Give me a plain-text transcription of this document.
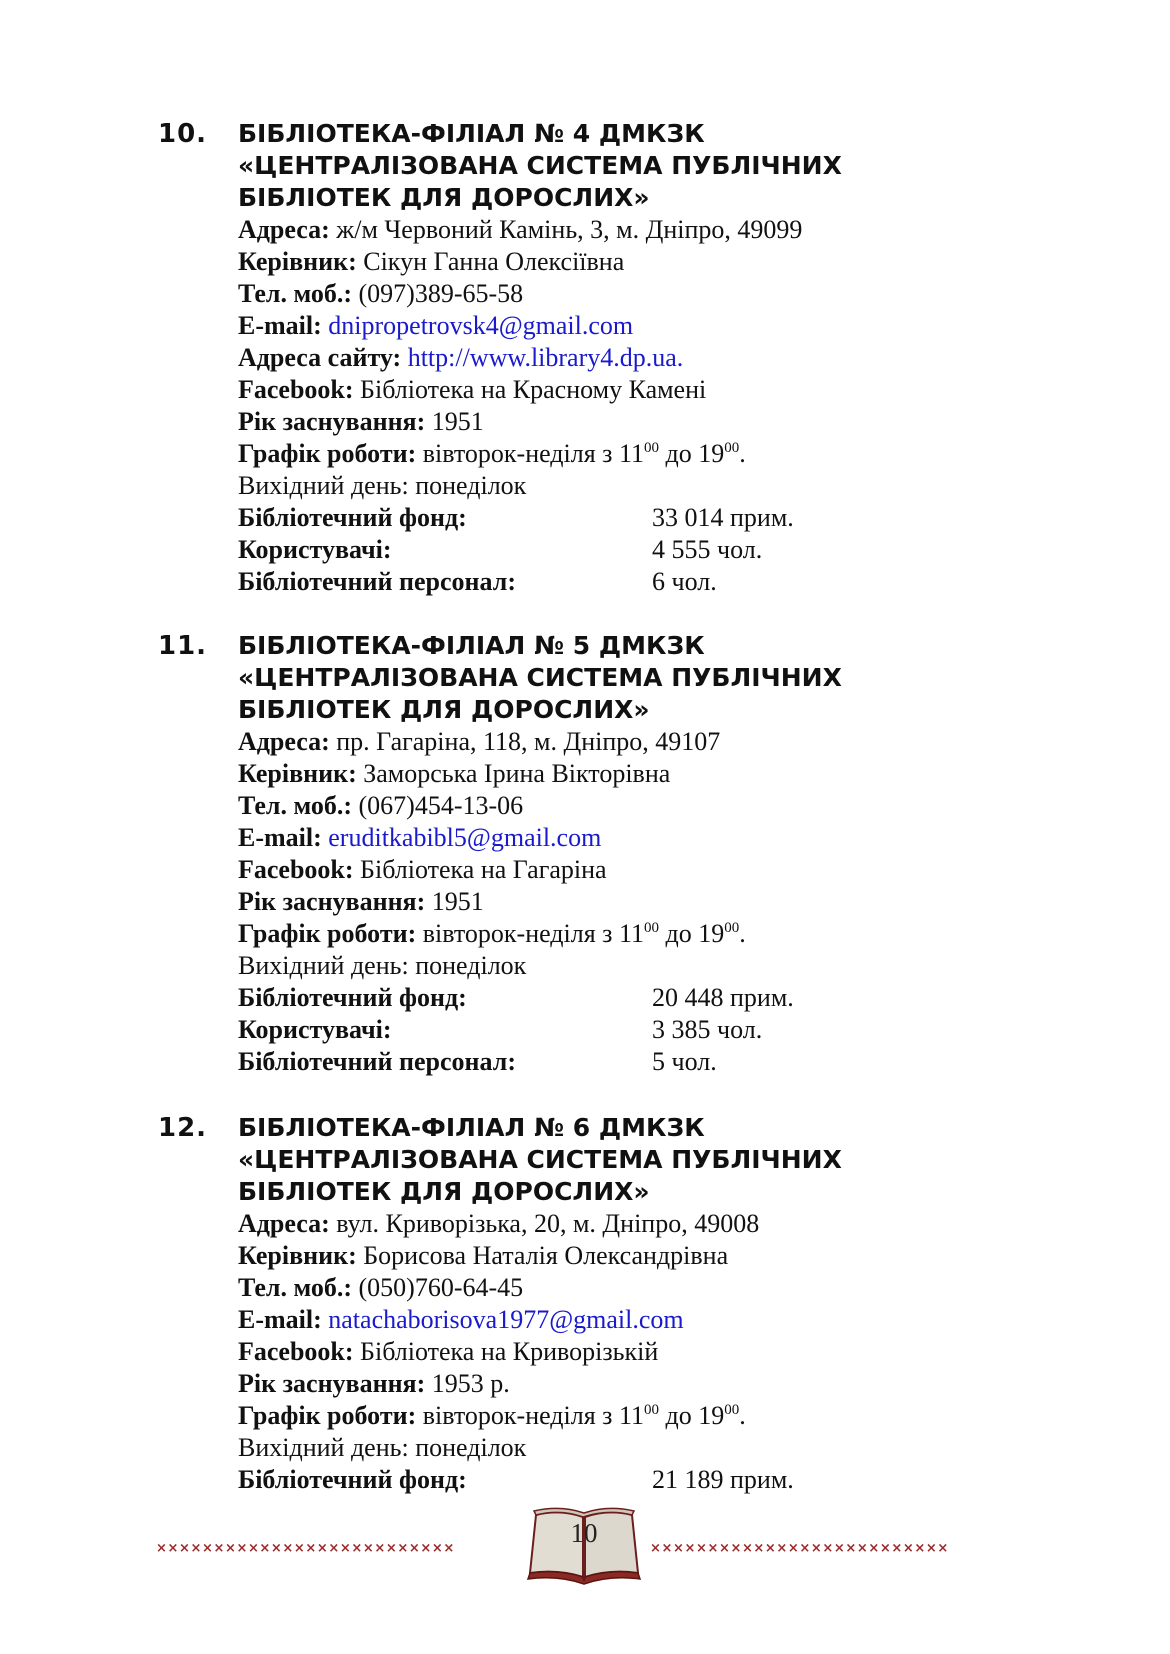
10. БІБЛІОТЕКА-ФІЛІАЛ № 4 ДМКЗК
«ЦЕНТРАЛІЗОВАНА СИСТЕМА ПУБЛІЧНИХ
БІБЛІОТЕК ДЛЯ ДОРОСЛИХ»
Адреса: ж/м Червоний Камінь, 3, м. Дніпро, 49099
Керівник: Сікун Ганна Олексіївна
Тел. моб.: (097)389-65-58
E-mail: dnipropetrovsk4@gmail.com
Адреса сайту: http://www.library4.dp.ua.
Facebook: Бібліотека на Красному Камені
Рік заснування: 1951
Графік роботи: вівторок-неділя з $11^{00}$ до $19^{00}$.
Вихідний день: понеділок
Бібліотечний фонд:	33 014 прим.
Користувачі:	4 555 чол.
Бібліотечний персонал:	6 чол.
11. БІБЛІОТЕКА-ФІЛІАЛ № 5 ДМКЗК
«ЦЕНТРАЛІЗОВАНА СИСТЕМА ПУБЛІЧНИХ
БІБЛІОТЕК ДЛЯ ДОРОСЛИХ»
Адреса: пр. Гагаріна, 118, м. Дніпро, 49107
Керівник: Заморська Ірина Вікторівна
Тел. моб.: (067)454-13-06
E-mail: eruditkabibl5@gmail.com
Facebook: Бібліотека на Гагаріна
Рік заснування: 1951
Графік роботи: вівторок-неділя з $11^{00}$ до $19^{00}$.
Вихідний день: понеділок
Бібліотечний фонд:	20 448 прим.
Користувачі:	3 385 чол.
Бібліотечний персонал:	5 чол.
12. БІБЛІОТЕКА-ФІЛІАЛ № 6 ДМКЗК
«ЦЕНТРАЛІЗОВАНА СИСТЕМА ПУБЛІЧНИХ
БІБЛІОТЕК ДЛЯ ДОРОСЛИХ»
Адреса: вул. Криворізька, 20, м. Дніпро, 49008
Керівник: Борисова Наталія Олександрівна
Тел. моб.: (050)760-64-45
E-mail: natachaborisova1977@gmail.com
Facebook: Бібліотека на Криворізькій
Рік заснування: 1953 р.
Графік роботи: вівторок-неділя з $11^{00}$ до $19^{00}$.
Вихідний день: понеділок
Бібліотечний фонд:	21 189 прим.
××××××××××××××××××××××××××
10
××××××××××××××××××××××××××
